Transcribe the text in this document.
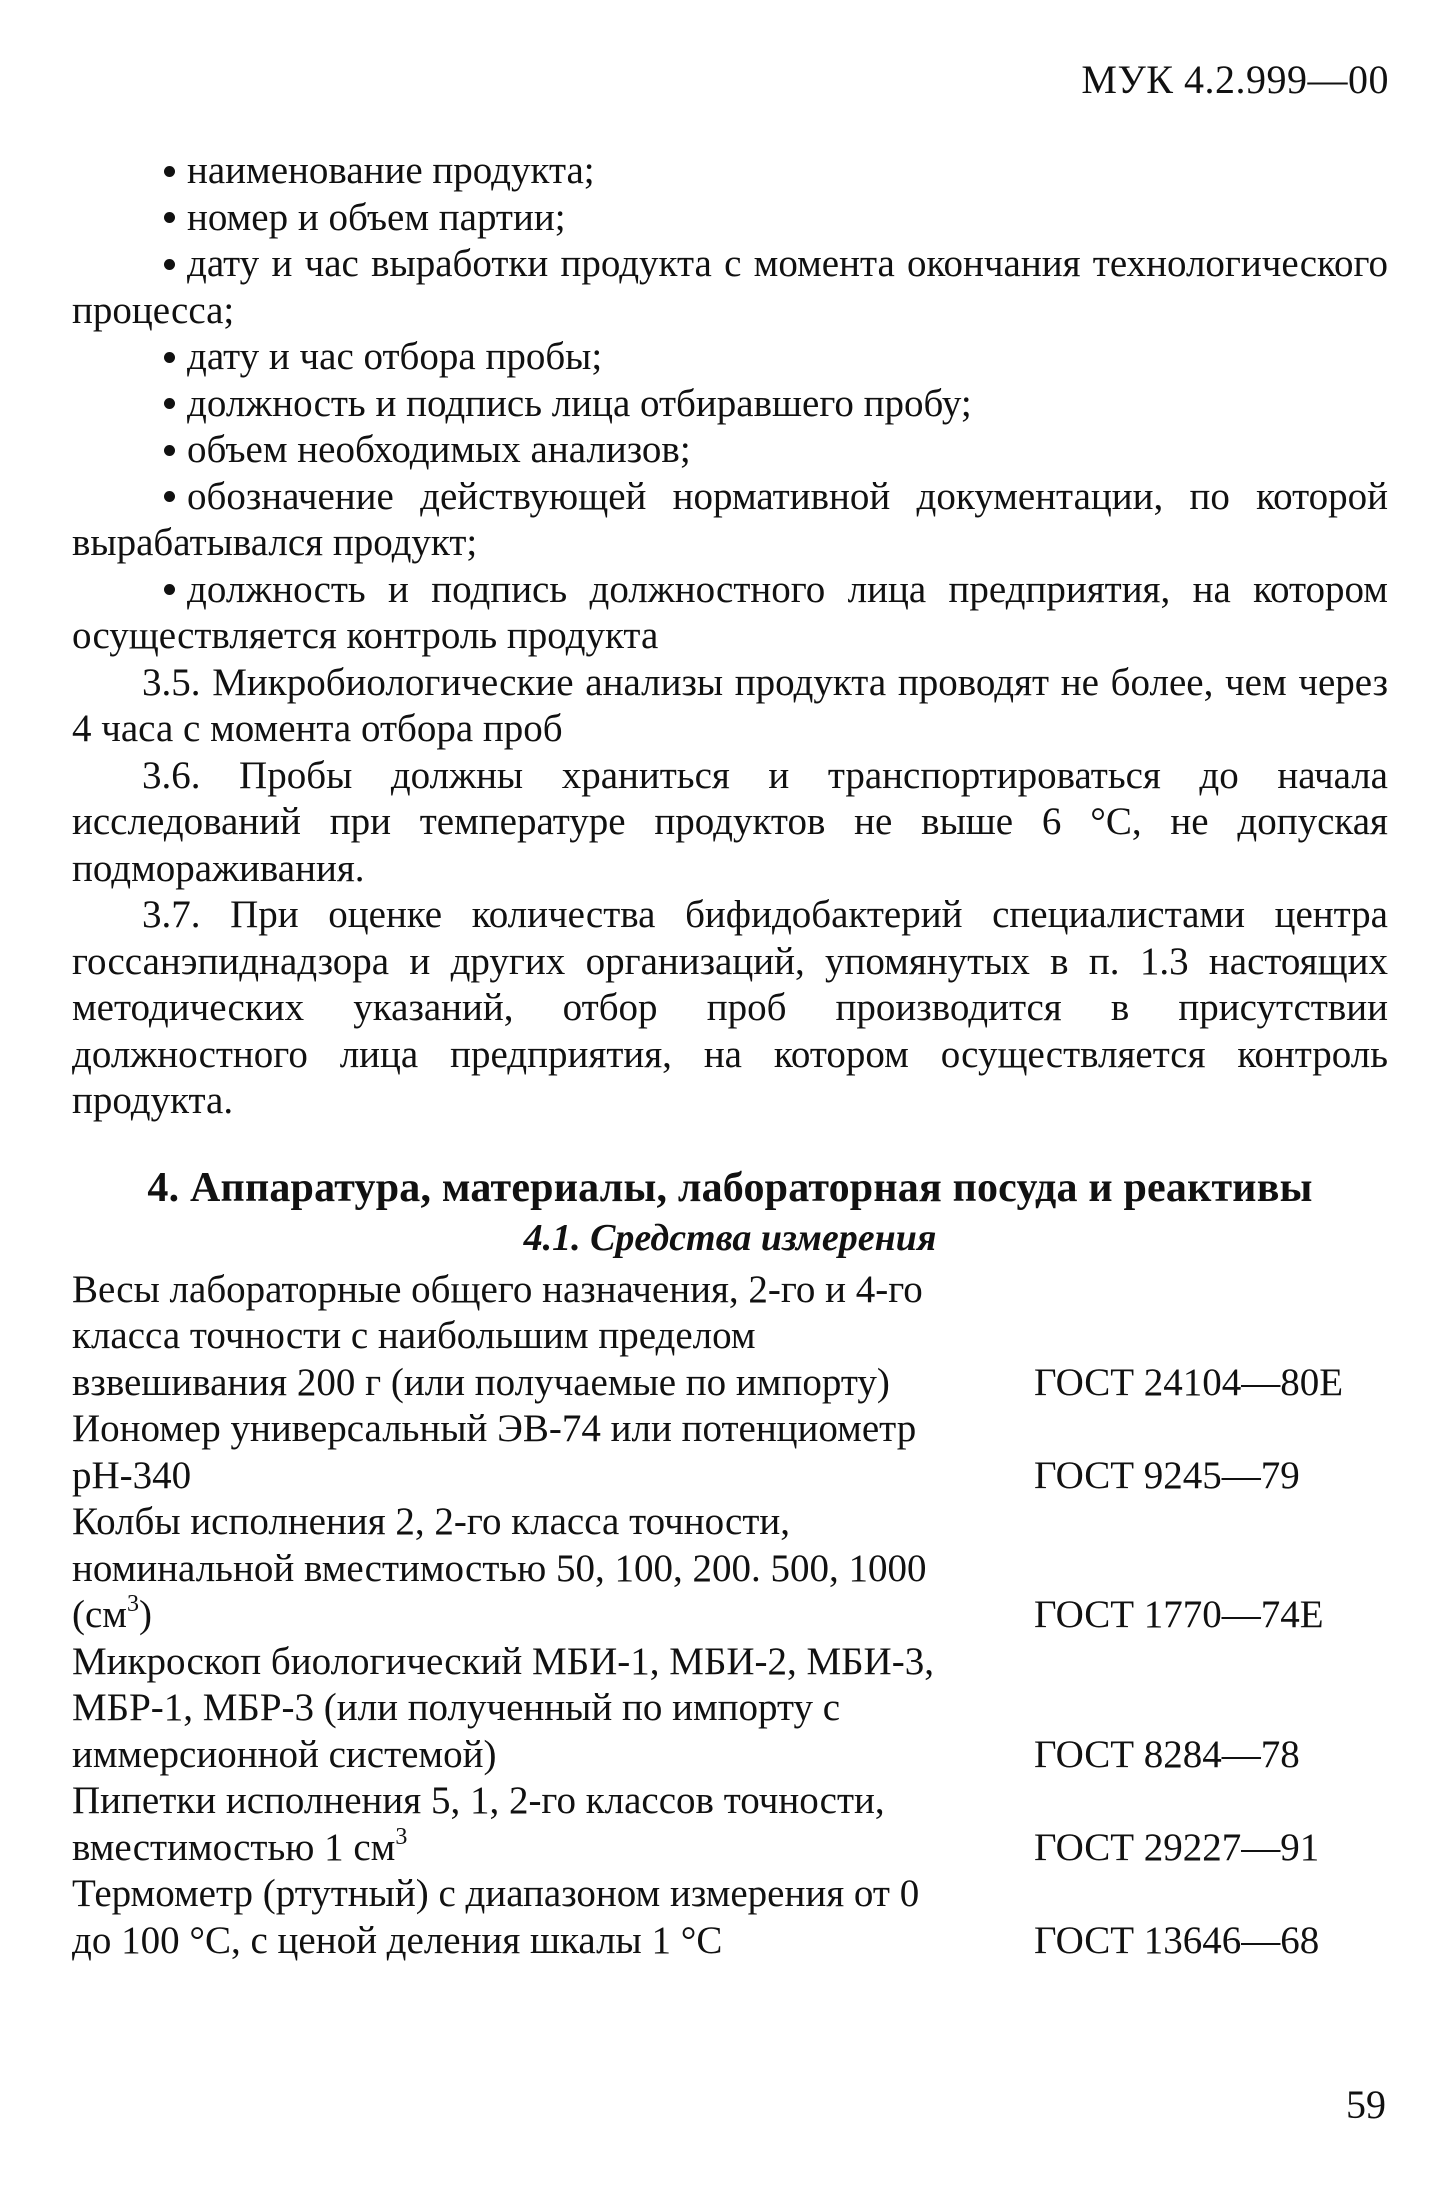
МУК 4.2.999—00

наименование продукта;

номер и объем партии;

дату и час выработки продукта с момента окончания технологического процесса;

дату и час отбора пробы;

должность и подпись лица отбиравшего пробу;

объем необходимых анализов;

обозначение действующей нормативной документации, по которой вырабатывался продукт;

должность и подпись должностного лица предприятия, на котором осуществляется контроль продукта

3.5. Микробиологические анализы продукта проводят не более, чем через 4 часа с момента отбора проб

3.6. Пробы должны храниться и транспортироваться до начала исследований при температуре продуктов не выше 6 °С, не допуская подмораживания.

3.7. При оценке количества бифидобактерий специалистами центра госсанэпиднадзора и других организаций, упомянутых в п. 1.3 настоящих методических указаний, отбор проб производится в присутствии должностного лица предприятия, на котором осуществляется контроль продукта.

4. Аппаратура, материалы, лабораторная посуда и реактивы
4.1. Средства измерения
Весы лабораторные общего назначения, 2-го и 4-го класса точности с наибольшим пределом взвешивания 200 г (или получаемые по импорту)	ГОСТ 24104—80Е
Иономер универсальный ЭВ-74 или потенциометр рН-340	ГОСТ 9245—79
Колбы исполнения 2, 2-го класса точности, номинальной вместимостью 50, 100, 200. 500, 1000 $(см^3)$	ГОСТ 1770—74Е
Микроскоп биологический МБИ-1, МБИ-2, МБИ-3, МБР-1, МБР-3 (или полученный по импорту с иммерсионной системой)	ГОСТ 8284—78
Пипетки исполнения 5, 1, 2-го классов точности, вместимостью 1 $см^3$	ГОСТ 29227—91
Термометр (ртутный) с диапазоном измерения от 0 до 100 °С, с ценой деления шкалы 1 °С	ГОСТ 13646—68
59
